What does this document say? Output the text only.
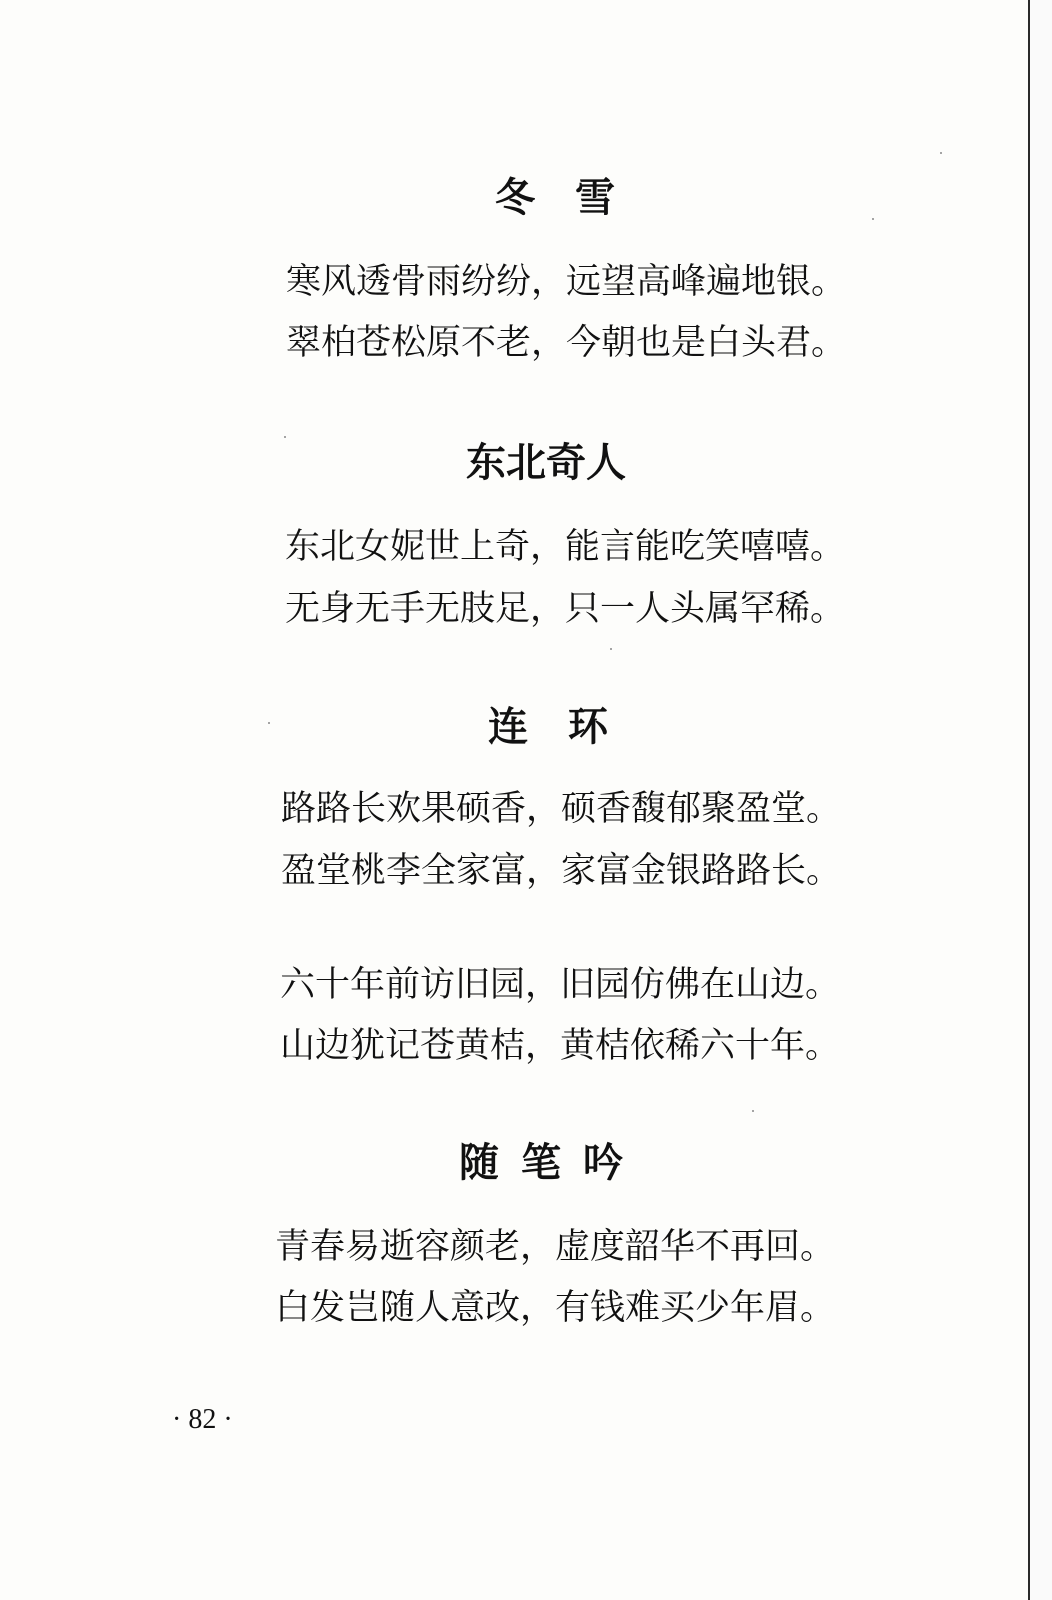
冬雪
寒风透骨雨纷纷，远望高峰遍地银。
翠柏苍松原不老，今朝也是白头君。
东北奇人
东北女妮世上奇，能言能吃笑嘻嘻。
无身无手无肢足，只一人头属罕稀。
连环
路路长欢果硕香，硕香馥郁聚盈堂。
盈堂桃李全家富，家富金银路路长。
六十年前访旧园，旧园仿佛在山边。
山边犹记苍黄桔，黄桔依稀六十年。
随笔吟
青春易逝容颜老，虚度韶华不再回。
白发岂随人意改，有钱难买少年眉。
· 82 ·
